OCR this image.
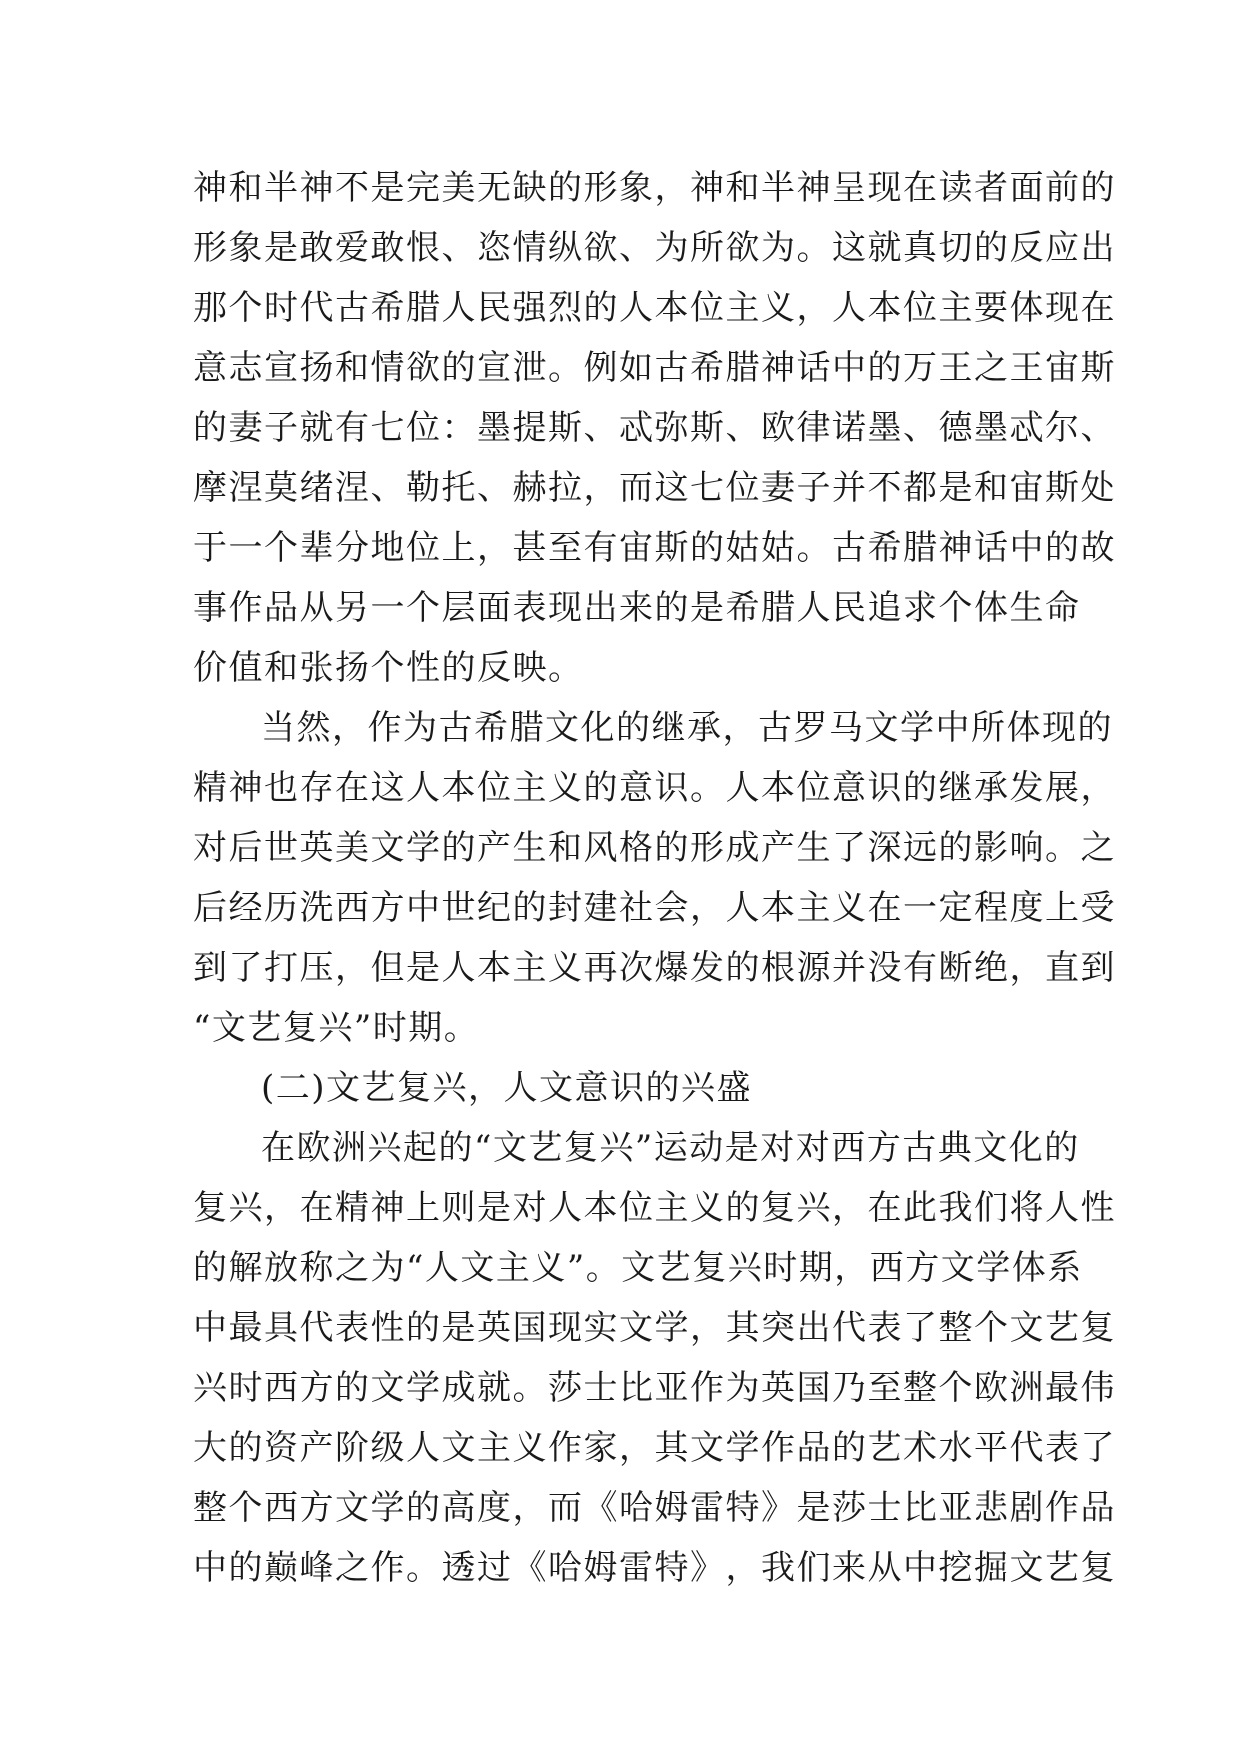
神 和 半 神 不 是 完 美 无 缺 的 形 象 ， 神 和 半 神 呈 现 在 读 者 面 前 的
形 象 是 敢 爱 敢 恨 、 恣 情 纵 欲 、 为 所 欲 为 。 这 就 真 切 的 反 应 出
那 个 时 代 古 希 腊 人 民 强 烈 的 人 本 位 主 义 ， 人 本 位 主 要 体 现 在
意 志 宣 扬 和 情 欲 的 宣 泄 。 例 如 古 希 腊 神 话 中 的 万 王 之 王 宙 斯
的 妻 子 就 有 七 位 ： 墨 提 斯 、 忒 弥 斯 、 欧 律 诺 墨 、 德 墨 忒 尔 、
摩 涅 莫 绪 涅 、 勒 托 、 赫 拉 ， 而 这 七 位 妻 子 并 不 都 是 和 宙 斯 处
于 一 个 辈 分 地 位 上 ， 甚 至 有 宙 斯 的 姑 姑 。 古 希 腊 神 话 中 的 故
事 作 品 从 另 一 个 层 面 表 现 出 来 的 是 希 腊 人 民 追 求 个 体 生 命
价值和张扬个性的反映。
当 然 ， 作 为 古 希 腊 文 化 的 继 承 ， 古 罗 马 文 学 中 所 体 现 的
精 神 也 存 在 这 人 本 位 主 义 的 意 识 。 人 本 位 意 识 的 继 承 发 展 ，
对 后 世 英 美 文 学 的 产 生 和 风 格 的 形 成 产 生 了 深 远 的 影 响 。 之
后 经 历 洗 西 方 中 世 纪 的 封 建 社 会 ， 人 本 主 义 在 一 定 程 度 上 受
到 了 打 压 ， 但 是 人 本 主 义 再 次 爆 发 的 根 源 并 没 有 断 绝 ， 直 到
“文艺复兴”时期。
(二)文艺复兴，人文意识的兴盛
在 欧 洲 兴 起 的 “ 文 艺 复 兴 ” 运 动 是 对 对 西 方 古 典 文 化 的
复 兴 ， 在 精 神 上 则 是 对 人 本 位 主 义 的 复 兴 ， 在 此 我 们 将 人 性
的 解 放 称 之 为 “ 人 文 主 义 ” 。 文 艺 复 兴 时 期 ， 西 方 文 学 体 系
中 最 具 代 表 性 的 是 英 国 现 实 文 学 ， 其 突 出 代 表 了 整 个 文 艺 复
兴 时 西 方 的 文 学 成 就 。 莎 士 比 亚 作 为 英 国 乃 至 整 个 欧 洲 最 伟
大 的 资 产 阶 级 人 文 主 义 作 家 ， 其 文 学 作 品 的 艺 术 水 平 代 表 了
整 个 西 方 文 学 的 高 度 ， 而 《 哈 姆 雷 特 》 是 莎 士 比 亚 悲 剧 作 品
中 的 巅 峰 之 作 。 透 过 《 哈 姆 雷 特 》 ， 我 们 来 从 中 挖 掘 文 艺 复
